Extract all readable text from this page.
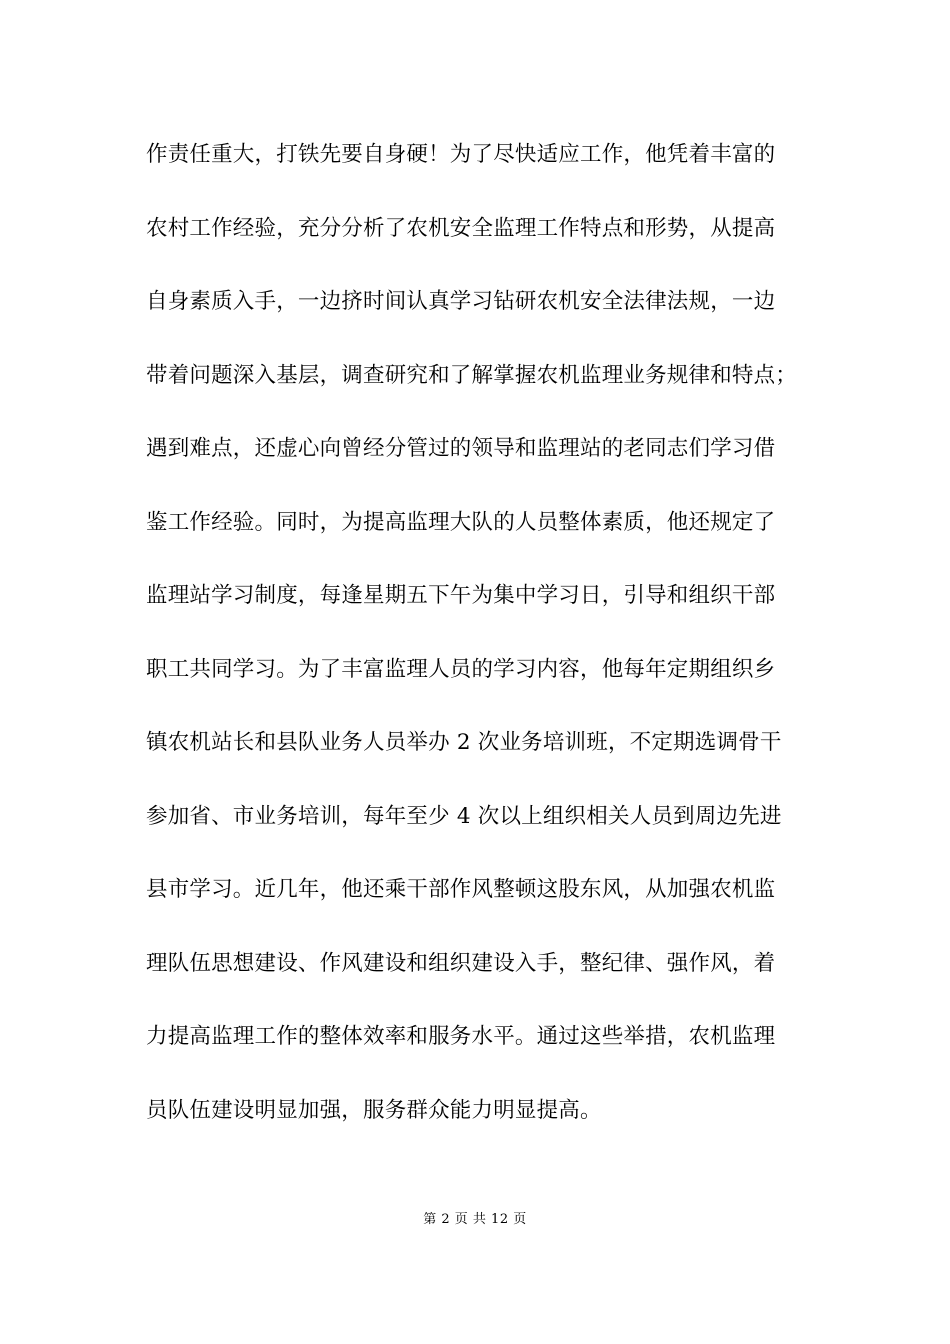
作责任重大，打铁先要自身硬！为了尽快适应工作，他凭着丰富的
农村工作经验，充分分析了农机安全监理工作特点和形势，从提高
自身素质入手，一边挤时间认真学习钻研农机安全法律法规，一边
带着问题深入基层，调查研究和了解掌握农机监理业务规律和特点；
遇到难点，还虚心向曾经分管过的领导和监理站的老同志们学习借
鉴工作经验。同时，为提高监理大队的人员整体素质，他还规定了
监理站学习制度，每逢星期五下午为集中学习日，引导和组织干部
职工共同学习。为了丰富监理人员的学习内容，他每年定期组织乡
镇农机站长和县队业务人员举办 2 次业务培训班，不定期选调骨干
参加省、市业务培训，每年至少 4 次以上组织相关人员到周边先进
县市学习。近几年，他还乘干部作风整顿这股东风，从加强农机监
理队伍思想建设、作风建设和组织建设入手，整纪律、强作风，着
力提高监理工作的整体效率和服务水平。通过这些举措，农机监理
员队伍建设明显加强，服务群众能力明显提高。
第 2 页 共 12 页
